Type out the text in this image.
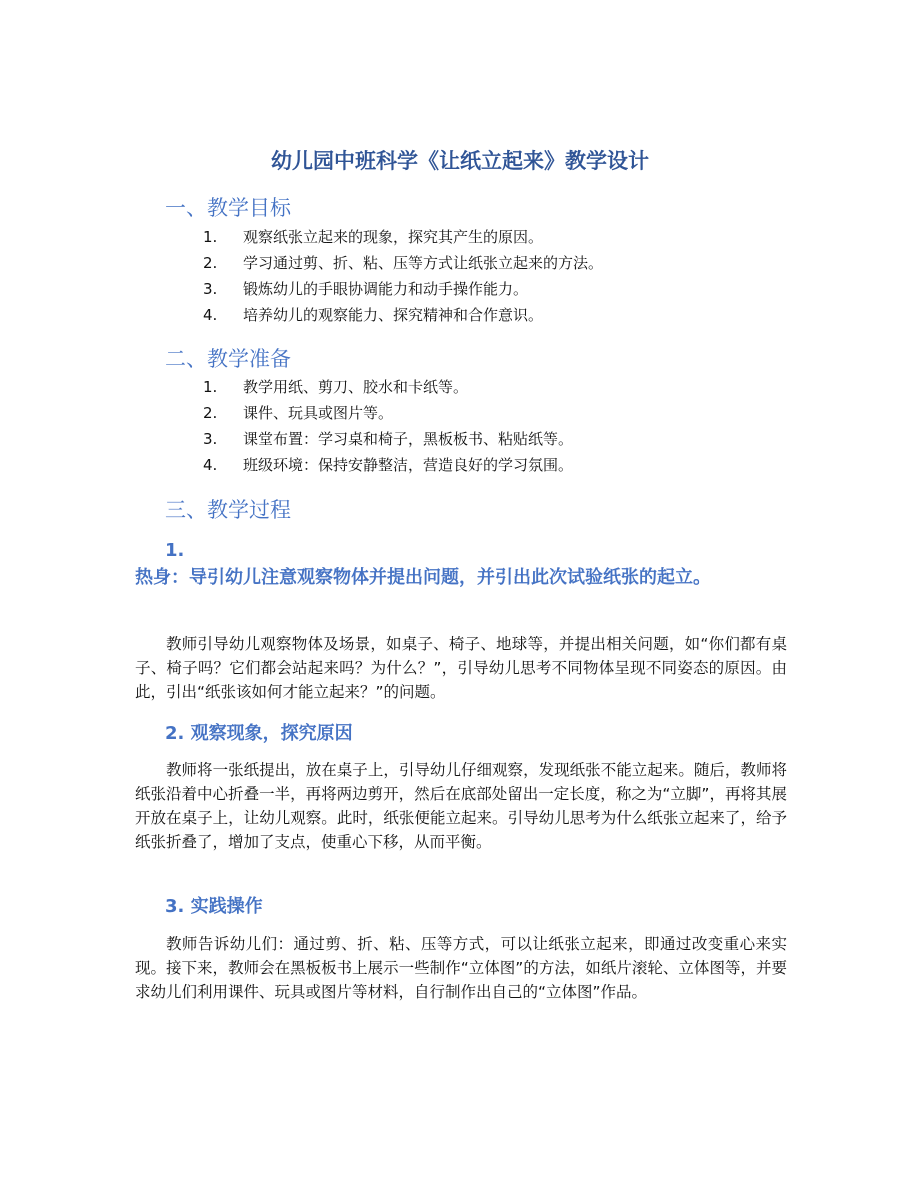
幼儿园中班科学《让纸立起来》教学设计
一、教学目标
1. 观察纸张立起来的现象，探究其产生的原因。
2. 学习通过剪、折、粘、压等方式让纸张立起来的方法。
3. 锻炼幼儿的手眼协调能力和动手操作能力。
4. 培养幼儿的观察能力、探究精神和合作意识。
二、教学准备
1. 教学用纸、剪刀、胶水和卡纸等。
2. 课件、玩具或图片等。
3. 课堂布置：学习桌和椅子，黑板板书、粘贴纸等。
4. 班级环境：保持安静整洁，营造良好的学习氛围。
三、教学过程
1.
热身：导引幼儿注意观察物体并提出问题，并引出此次试验纸张的起立。
教师引导幼儿观察物体及场景，如桌子、椅子、地球等，并提出相关问题，如“你们都有桌子、椅子吗？它们都会站起来吗？为什么？”，引导幼儿思考不同物体呈现不同姿态的原因。由此，引出“纸张该如何才能立起来？”的问题。
2. 观察现象，探究原因
教师将一张纸提出，放在桌子上，引导幼儿仔细观察，发现纸张不能立起来。随后，教师将纸张沿着中心折叠一半，再将两边剪开，然后在底部处留出一定长度，称之为“立脚”，再将其展开放在桌子上，让幼儿观察。此时，纸张便能立起来。引导幼儿思考为什么纸张立起来了，给予纸张折叠了，增加了支点，使重心下移，从而平衡。
3. 实践操作
教师告诉幼儿们：通过剪、折、粘、压等方式，可以让纸张立起来，即通过改变重心来实现。接下来，教师会在黑板板书上展示一些制作“立体图”的方法，如纸片滚轮、立体图等，并要求幼儿们利用课件、玩具或图片等材料，自行制作出自己的“立体图”作品。
